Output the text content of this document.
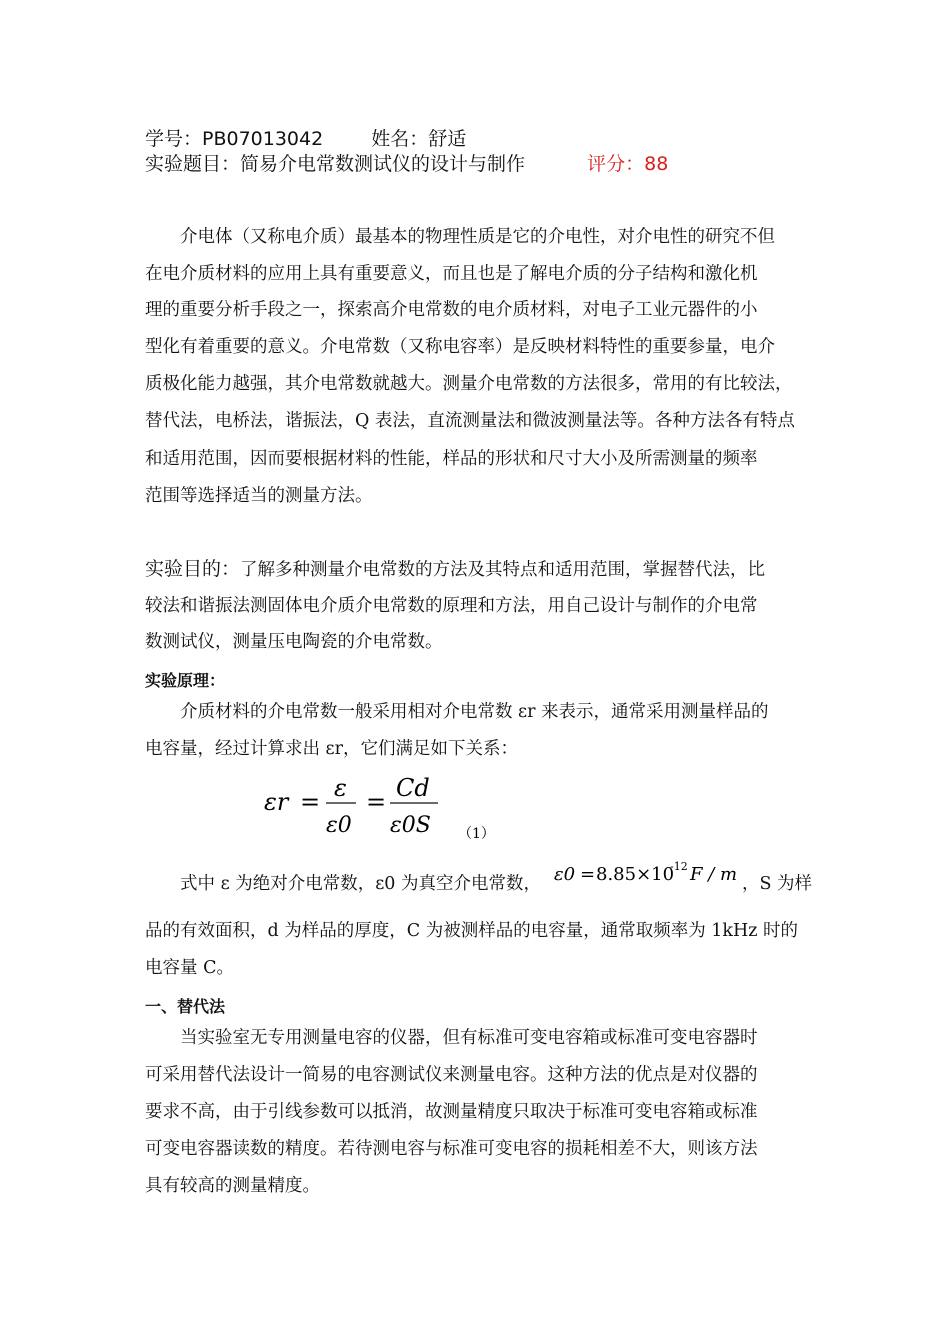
学号：PB07013042	姓名：舒适
实验题目：简易介电常数测试仪的设计与制作	评分：88
介电体（又称电介质）最基本的物理性质是它的介电性，对介电性的研究不但
在电介质材料的应用上具有重要意义，而且也是了解电介质的分子结构和激化机
理的重要分析手段之一，探索高介电常数的电介质材料，对电子工业元器件的小
型化有着重要的意义。介电常数（又称电容率）是反映材料特性的重要参量，电介
质极化能力越强，其介电常数就越大。测量介电常数的方法很多，常用的有比较法，
替代法，电桥法，谐振法，Q 表法，直流测量法和微波测量法等。各种方法各有特点
和适用范围，因而要根据材料的性能，样品的形状和尺寸大小及所需测量的频率
范围等选择适当的测量方法。
实验目的：了解多种测量介电常数的方法及其特点和适用范围，掌握替代法，比
较法和谐振法测固体电介质介电常数的原理和方法，用自己设计与制作的介电常
数测试仪，测量压电陶瓷的介电常数。
实验原理：
介质材料的介电常数一般采用相对介电常数 εr 来表示，通常采用测量样品的
电容量，经过计算求出 εr，它们满足如下关系：
εr = ε
ε0
= Cd
ε0S （1）
式中 ε 为绝对介电常数，ε0 为真空介电常数， ε0 = 8.85×10
-12 F / m ，S 为样
品的有效面积，d 为样品的厚度，C 为被测样品的电容量，通常取频率为 1kHz 时的
电容量 C。
一、替代法
当实验室无专用测量电容的仪器，但有标准可变电容箱或标准可变电容器时
可采用替代法设计一简易的电容测试仪来测量电容。这种方法的优点是对仪器的
要求不高，由于引线参数可以抵消，故测量精度只取决于标准可变电容箱或标准
可变电容器读数的精度。若待测电容与标准可变电容的损耗相差不大，则该方法
具有较高的测量精度。
